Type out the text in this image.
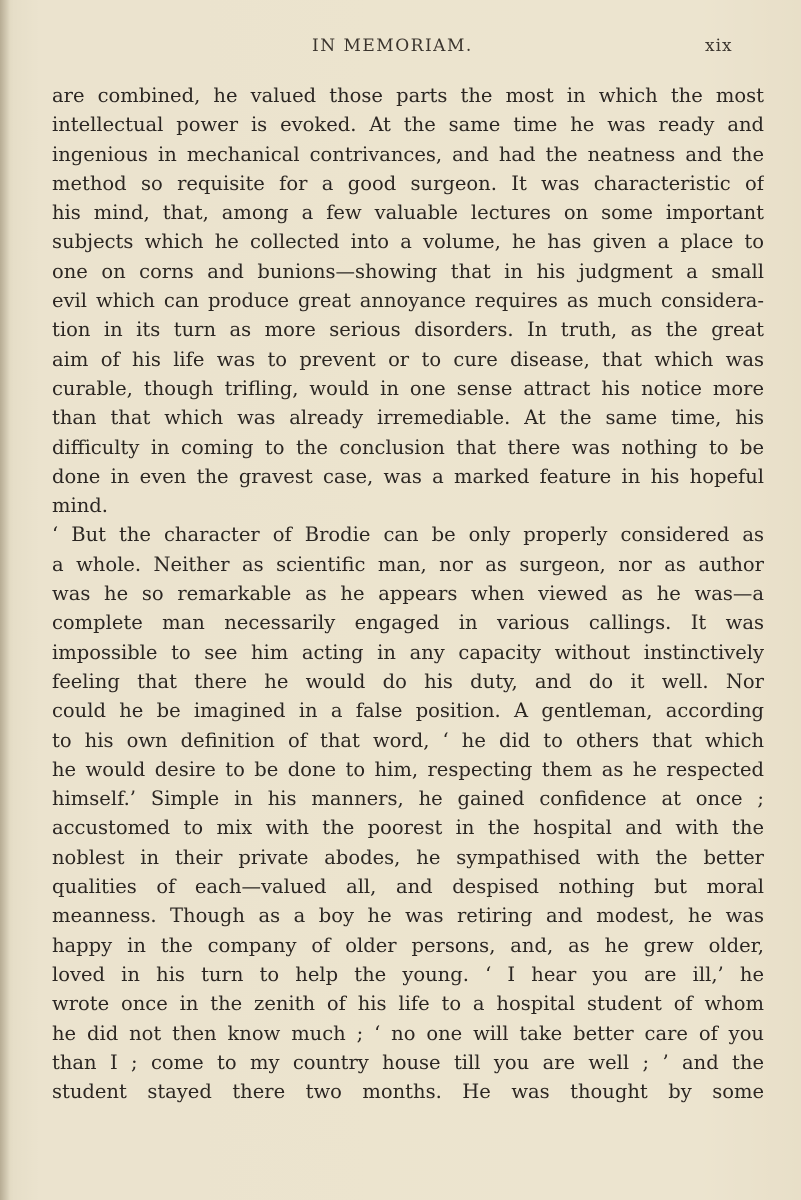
IN MEMORIAM.	xix
are combined, he valued those parts the most in which the most
intellectual power is evoked. At the same time he was ready and
ingenious in mechanical contrivances, and had the neatness and the
method so requisite for a good surgeon. It was characteristic of
his mind, that, among a few valuable lectures on some important
subjects which he collected into a volume, he has given a place to
one on corns and bunions—showing that in his judgment a small
evil which can produce great annoyance requires as much considera-
tion in its turn as more serious disorders. In truth, as the great
aim of his life was to prevent or to cure disease, that which was
curable, though trifling, would in one sense attract his notice more
than that which was already irremediable. At the same time, his
difficulty in coming to the conclusion that there was nothing to be
done in even the gravest case, was a marked feature in his hopeful
mind.
‘ But the character of Brodie can be only properly considered as
a whole. Neither as scientific man, nor as surgeon, nor as author
was he so remarkable as he appears when viewed as he was—a
complete man necessarily engaged in various callings. It was
impossible to see him acting in any capacity without instinctively
feeling that there he would do his duty, and do it well. Nor
could he be imagined in a false position. A gentleman, according
to his own definition of that word, ‘ he did to others that which
he would desire to be done to him, respecting them as he respected
himself.’ Simple in his manners, he gained confidence at once ;
accustomed to mix with the poorest in the hospital and with the
noblest in their private abodes, he sympathised with the better
qualities of each—valued all, and despised nothing but moral
meanness. Though as a boy he was retiring and modest, he was
happy in the company of older persons, and, as he grew older,
loved in his turn to help the young. ‘ I hear you are ill,’ he
wrote once in the zenith of his life to a hospital student of whom
he did not then know much ; ‘ no one will take better care of you
than I ; come to my country house till you are well ; ’ and the
student stayed there two months. He was thought by some
